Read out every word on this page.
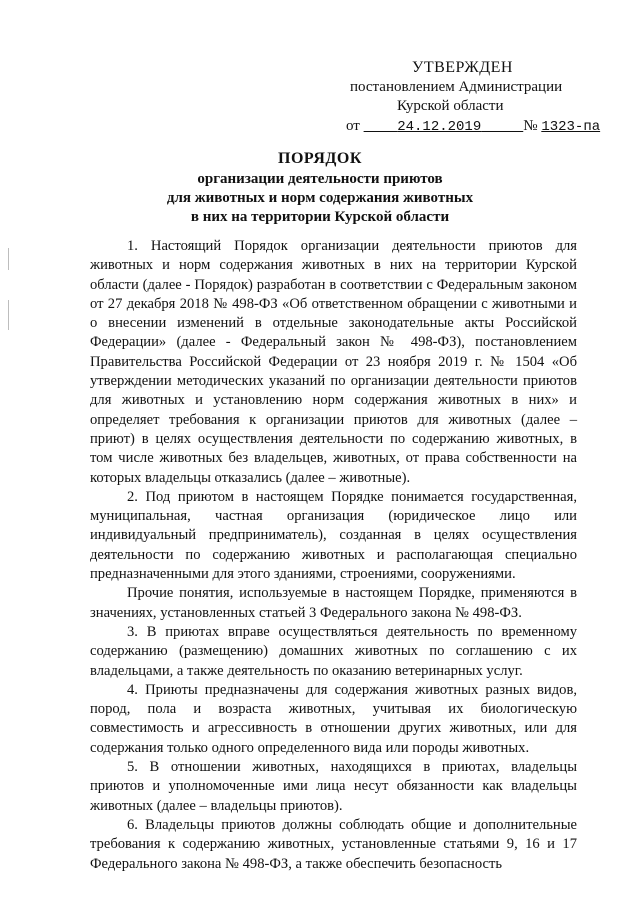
УТВЕРЖДЕН
постановлением Администрации
Курской области
от	24.12.2019	№ 1323-па
ПОРЯДОК
организации деятельности приютов
для животных и норм содержания животных
в них на территории Курской области

1. Настоящий Порядок организации деятельности приютов для животных и норм содержания животных в них на территории Курской области (далее - Порядок) разработан в соответствии с Федеральным законом от 27 декабря 2018 № 498-ФЗ «Об ответственном обращении с животными и о внесении изменений в отдельные законодательные акты Российской Федерации» (далее - Федеральный закон № 498-ФЗ), постановлением Правительства Российской Федерации от 23 ноября 2019 г. № 1504 «Об утверждении методических указаний по организации деятельности приютов для животных и установлению норм содержания животных в них» и определяет требования к организации приютов для животных (далее – приют) в целях осуществления деятельности по содержанию животных, в том числе животных без владельцев, животных, от права собственности на которых владельцы отказались (далее – животные).

2. Под приютом в настоящем Порядке понимается государственная, муниципальная, частная организация (юридическое лицо или индивидуальный предприниматель), созданная в целях осуществления деятельности по содержанию животных и располагающая специально предназначенными для этого зданиями, строениями, сооружениями.

Прочие понятия, используемые в настоящем Порядке, применяются в значениях, установленных статьей 3 Федерального закона № 498-ФЗ.

3. В приютах вправе осуществляться деятельность по временному содержанию (размещению) домашних животных по соглашению с их владельцами, а также деятельность по оказанию ветеринарных услуг.

4. Приюты предназначены для содержания животных разных видов, пород, пола и возраста животных, учитывая их биологическую совместимость и агрессивность в отношении других животных, или для содержания только одного определенного вида или породы животных.

5. В отношении животных, находящихся в приютах, владельцы приютов и уполномоченные ими лица несут обязанности как владельцы животных (далее – владельцы приютов).

6. Владельцы приютов должны соблюдать общие и дополнительные требования к содержанию животных, установленные статьями 9, 16 и 17 Федерального закона № 498-ФЗ, а также обеспечить безопасность
